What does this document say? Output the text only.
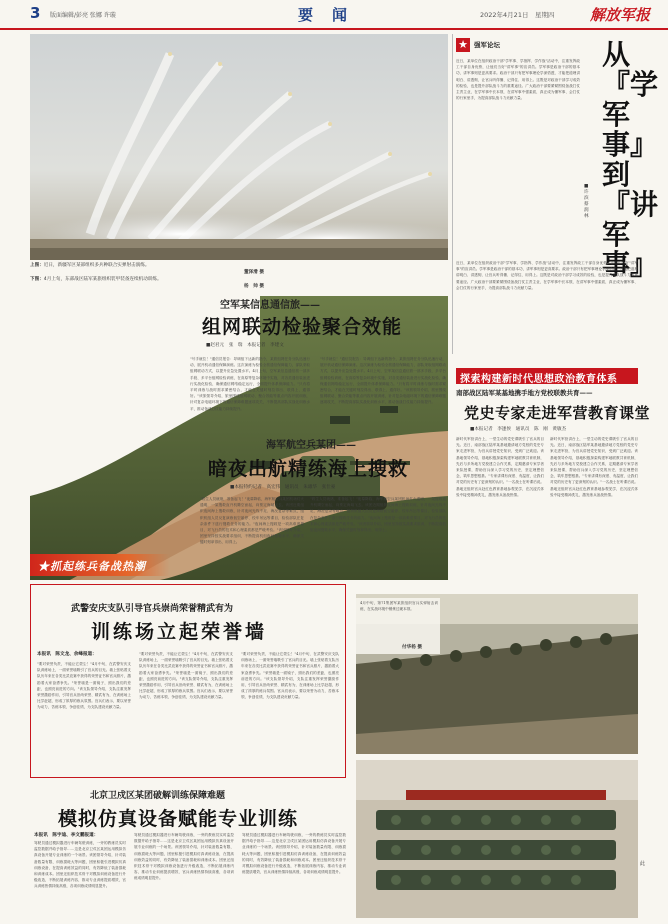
3 版面编辑/彭亮 张娜 许璇	要　闻	2022年4月21日　星期四 解放军报
上图：近日，新疆军区某部组织多兵种联合实弹射击演练。
董泽滑 摄
下图：4月上旬，东部战区陆军某旅组织装甲装备连续机动训练。
杨　帅 摄
★抓起练兵备战热潮
空军某信息通信旅——
组网联动检验聚合效能
■赵君元　张　瑞　本报记者　李建文
"号手就位！"通信员报告：导调组下达新的指令，某旅组网任务分队迅速行动，展开机动通信保障演练。这次演练为检验全旅通信保障能力，部队采取组网联动方式，以提升应急处置水平。4月上旬，空军某信息通信旅一部多手段、多平台组网检验训练，在高原等复杂环境中实施，对各类通信装备进行实战化检验，确保通信网络稳定运行，全面提升体系保障能力。"只有将平时训练与战时需求紧密结合，才能在关键时刻拉得出、联得上、通得好。"该旅领导介绍，旅里围绕组网联动、聚合效能等重点内容开展训练，针对复杂电磁环境下的通信保障难题逐项攻关，不断提高部队实战化训练水平，推动备战打仗能力持续提升。
"号手就位！"通信员报告：导调组下达新的指令，某旅组网任务分队迅速行动，展开机动通信保障演练。这次演练为检验全旅通信保障能力，部队采取组网联动方式，以提升应急处置水平。4月上旬，空军某信息通信旅一部多手段、多平台组网检验训练，在高原等复杂环境中实施，对各类通信装备进行实战化检验，确保通信网络稳定运行，全面提升体系保障能力。"只有将平时训练与战时需求紧密结合，才能在关键时刻拉得出、联得上、通得好。"该旅领导介绍，旅里围绕组网联动、聚合效能等重点内容开展训练，针对复杂电磁环境下的通信保障难题逐项攻关，不断提高部队实战化训练水平，推动备战打仗能力持续提升。
海军航空兵某团——
暗夜出航精练海上搜救
■本报特约记者　高宏伟　通讯员　朱雄华　张仕豪
"救生人员就绪，准备起飞！"夜幕降临，海军航空兵某团机场灯火通明，一架搜救直升机腾空而起，向预定海域飞去。该团近期组织夜间海上搜救训练，针对夜间光线不足、海况复杂等难点，组织机组人员反复演练低空悬停、绞车吊运等课目，检验部队在复杂条件下遂行搜救任务的能力。"夜间海上搜救是一项高难度课目，对飞行员的技术和心理素质都是严峻考验。"该团领导介绍，团里坚持按实战要求组训，不断提高机组夜间搜救水平，确保关键时刻拿得出、用得上。
"救生人员就绪，准备起飞！"夜幕降临，海军航空兵某团机场灯火通明，一架搜救直升机腾空而起，向预定海域飞去。该团近期组织夜间海上搜救训练，针对夜间光线不足、海况复杂等难点，组织机组人员反复演练低空悬停、绞车吊运等课目，检验部队在复杂条件下遂行搜救任务的能力。"夜间海上搜救是一项高难度课目，对飞行员的技术和心理素质都是严峻考验。"该团领导介绍，团里坚持按实战要求组训，不断提高机组夜间搜救水平，确保关键时刻拿得出、用得上。
★ 强军论坛	从『学军事』到『讲军事』
■许滨　蔡润林
近日，某单位在组织政治干部"学军事、学指挥、学作战"活动中，注重发挥政工干部自身优势，让他们当好"讲军事"的宣讲员。学军事是政治干部的基本功，讲军事则是更高要求。政治干部只有把军事理论学深悟透，才能把道理讲明白、讲透彻，让官兵听得懂、记得住、用得上。这既是对政治干部学习成效的检验，也是提升部队战斗力的重要途径。广大政治干部要紧紧围绕备战打仗主责主业，在学军事中长本领，在讲军事中强素质，真正成为懂军事、会打仗的行家里手，为提高部队战斗力贡献力量。
近日，某单位在组织政治干部"学军事、学指挥、学作战"活动中，注重发挥政工干部自身优势，让他们当好"讲军事"的宣讲员。学军事是政治干部的基本功，讲军事则是更高要求。政治干部只有把军事理论学深悟透，才能把道理讲明白、讲透彻，让官兵听得懂、记得住、用得上。这既是对政治干部学习成效的检验，也是提升部队战斗力的重要途径。广大政治干部要紧紧围绕备战打仗主责主业，在学军事中长本领，在讲军事中强素质，真正成为懂军事、会打仗的行家里手，为提高部队战斗力贡献力量。
探索构建新时代思想政治教育体系
南部战区陆军某基地携手地方党校联教共育——
党史专家走进军营教育课堂
■本报记者　李逢侯　通讯员　陈　刚　黄敏杰
新时代军营讲台上，一堂生动的党史课吸引了官兵的目光。近日，南部战区陆军某基地邀请地方党校的党史专家走进军营，为官兵讲授党史知识，受到广泛欢迎。该基地领导介绍，基地积极探索构建军地联教共育机制，先后与多所地方党校建立合作关系，定期邀请专家学者来队授课，帮助官兵深入学习党的历史，坚定理想信念，筑牢思想根基。"专家讲课有深度、有温度，让我们对党的历史有了更深刻的认识。"一名战士在听课后说。基地还组织官兵赴红色教育基地参观见学，在沉浸式体验中接受精神洗礼，激发练兵备战热情。
新时代军营讲台上，一堂生动的党史课吸引了官兵的目光。近日，南部战区陆军某基地邀请地方党校的党史专家走进军营，为官兵讲授党史知识，受到广泛欢迎。该基地领导介绍，基地积极探索构建军地联教共育机制，先后与多所地方党校建立合作关系，定期邀请专家学者来队授课，帮助官兵深入学习党的历史，坚定理想信念，筑牢思想根基。"专家讲课有深度、有温度，让我们对党的历史有了更深刻的认识。"一名战士在听课后说。基地还组织官兵赴红色教育基地参观见学，在沉浸式体验中接受精神洗礼，激发练兵备战热情。
4月中旬，第71集团军某旅组织官兵实弹射击训练，在实战环境中锤炼过硬本领。
付华杨 摄
武警安庆支队引导官兵崇尚荣誉精武有为
训练场立起荣誉墙
本报讯　陈文龙、余峰报道：
"要对荣誉负责，不能让它蒙尘！"4月中旬，在武警安庆支队训练场上，一面荣誉墙吸引了官兵的目光。墙上张贴着支队历年来在各类比武竞赛中获得的荣誉证书和官兵照片，激励着大家奋勇争先。"荣誉墙是一面镜子，照出我们的差距，也照亮前进的方向。"该支队领导介绍，支队注重发挥荣誉激励作用，引导官兵崇尚荣誉、精武有为，在训练场上比学赶超，形成了浓厚的练兵氛围。官兵们表示，要以荣誉为动力，苦练本领，争创佳绩，为支队建设贡献力量。
"要对荣誉负责，不能让它蒙尘！"4月中旬，在武警安庆支队训练场上，一面荣誉墙吸引了官兵的目光。墙上张贴着支队历年来在各类比武竞赛中获得的荣誉证书和官兵照片，激励着大家奋勇争先。"荣誉墙是一面镜子，照出我们的差距，也照亮前进的方向。"该支队领导介绍，支队注重发挥荣誉激励作用，引导官兵崇尚荣誉、精武有为，在训练场上比学赶超，形成了浓厚的练兵氛围。官兵们表示，要以荣誉为动力，苦练本领，争创佳绩，为支队建设贡献力量。
"要对荣誉负责，不能让它蒙尘！"4月中旬，在武警安庆支队训练场上，一面荣誉墙吸引了官兵的目光。墙上张贴着支队历年来在各类比武竞赛中获得的荣誉证书和官兵照片，激励着大家奋勇争先。"荣誉墙是一面镜子，照出我们的差距，也照亮前进的方向。"该支队领导介绍，支队注重发挥荣誉激励作用，引导官兵崇尚荣誉、精武有为，在训练场上比学赶超，形成了浓厚的练兵氛围。官兵们表示，要以荣誉为动力，苦练本领，争创佳绩，为支队建设贡献力量。
北京卫戍区某团破解训练保障难题
模拟仿真设备赋能专业训练
本报讯　陈宇迪、李文鹏报道：
驾驶员通过模拟器进行车辆驾驶训练，一旁的教练员实时监控数据并给予指导……这是北京卫戍区某团运用模拟仿真设备开展专业训练的一个场景。该团领导介绍，针对装备数量有限、训练损耗大等问题，团里积极引进模拟仿真训练设备，在提高训练效益的同时，有效降低了装备损耗和训练成本。团里还组织技术骨干对模拟训练设备进行升级改造，不断拓展训练内容，推动专业训练提质增效，官兵训练热情持续高涨，各项训练成绩明显提升。
驾驶员通过模拟器进行车辆驾驶训练，一旁的教练员实时监控数据并给予指导……这是北京卫戍区某团运用模拟仿真设备开展专业训练的一个场景。该团领导介绍，针对装备数量有限、训练损耗大等问题，团里积极引进模拟仿真训练设备，在提高训练效益的同时，有效降低了装备损耗和训练成本。团里还组织技术骨干对模拟训练设备进行升级改造，不断拓展训练内容，推动专业训练提质增效，官兵训练热情持续高涨，各项训练成绩明显提升。
驾驶员通过模拟器进行车辆驾驶训练，一旁的教练员实时监控数据并给予指导……这是北京卫戍区某团运用模拟仿真设备开展专业训练的一个场景。该团领导介绍，针对装备数量有限、训练损耗大等问题，团里积极引进模拟仿真训练设备，在提高训练效益的同时，有效降低了装备损耗和训练成本。团里还组织技术骨干对模拟训练设备进行升级改造，不断拓展训练内容，推动专业训练提质增效，官兵训练热情持续高涨，各项训练成绩明显提升。
此
